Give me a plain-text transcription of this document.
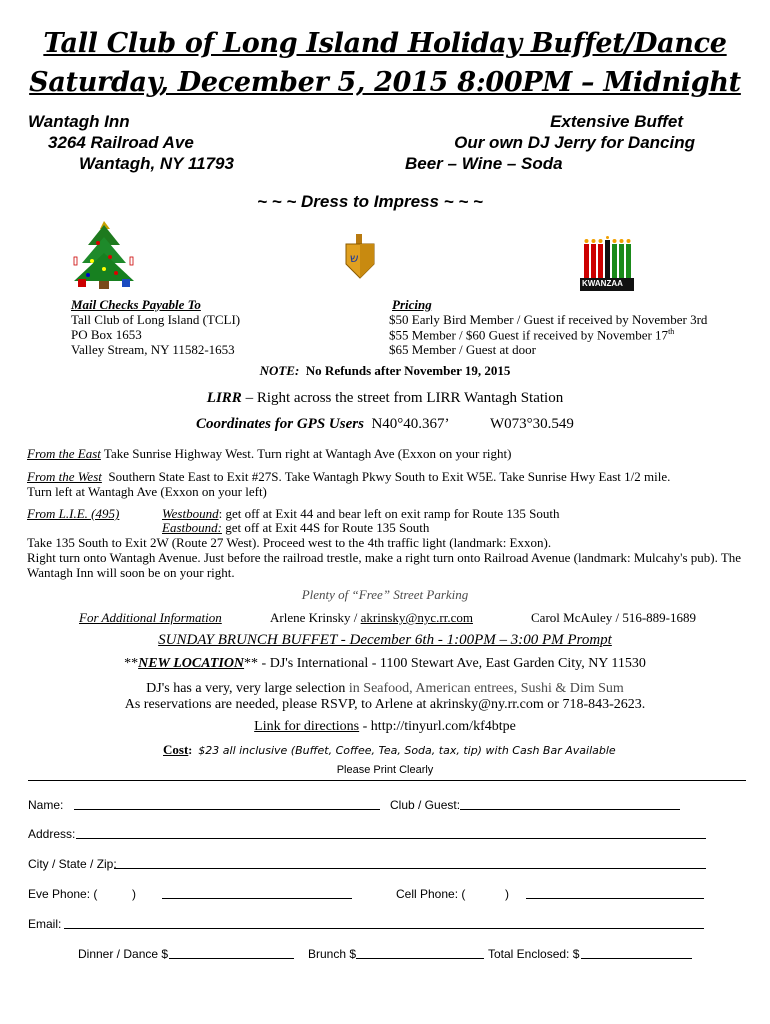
Tall Club of Long Island Holiday Buffet/Dance
Saturday, December 5, 2015 8:00PM – Midnight
Wantagh Inn
3264 Railroad Ave
Wantagh, NY 11793
Extensive Buffet
Our own DJ Jerry for Dancing
Beer – Wine – Soda
~ ~ ~ Dress to Impress ~ ~ ~
ש
KWANZAA
Mail Checks Payable To
Tall Club of Long Island (TCLI)
PO Box 1653
Valley Stream, NY 11582-1653
Pricing
$50 Early Bird Member / Guest if received by November 3rd
$55 Member / $60 Guest if received by November 17th
$65 Member / Guest at door
NOTE: No Refunds after November 19, 2015
LIRR – Right across the street from LIRR Wantagh Station
Coordinates for GPS Users N40°40.367’	W073°30.549
From the East Take Sunrise Highway West. Turn right at Wantagh Ave (Exxon on your right)
From the West Southern State East to Exit #27S. Take Wantagh Pkwy South to Exit W5E. Take Sunrise Hwy East 1/2 mile.
Turn left at Wantagh Ave (Exxon on your left)
From L.I.E. (495)	Westbound: get off at Exit 44 and bear left on exit ramp for Route 135 South
Eastbound: get off at Exit 44S for Route 135 South
Take 135 South to Exit 2W (Route 27 West). Proceed west to the 4th traffic light (landmark: Exxon).
Right turn onto Wantagh Avenue. Just before the railroad trestle, make a right turn onto Railroad Avenue (landmark: Mulcahy's pub). The
Wantagh Inn will soon be on your right.
Plenty of “Free” Street Parking
For Additional Information	Arlene Krinsky / akrinsky@nyc.rr.com	Carol McAuley / 516-889-1689
SUNDAY BRUNCH BUFFET - December 6th - 1:00PM – 3:00 PM Prompt
**NEW LOCATION** - DJ's International - 1100 Stewart Ave, East Garden City, NY 11530
DJ's has a very, very large selection in Seafood, American entrees, Sushi & Dim Sum
As reservations are needed, please RSVP, to Arlene at akrinsky@ny.rr.com or 718-843-2623.
Link for directions - http://tinyurl.com/kf4btpe
Cost: $23 all inclusive (Buffet, Coffee, Tea, Soda, tax, tip) with Cash Bar Available
Please Print Clearly
Name:	Club / Guest:
Address:
City / State / Zip:
Eve Phone: (	)	Cell Phone: (	)
Email:
Dinner / Dance $	Brunch $	Total Enclosed: $
